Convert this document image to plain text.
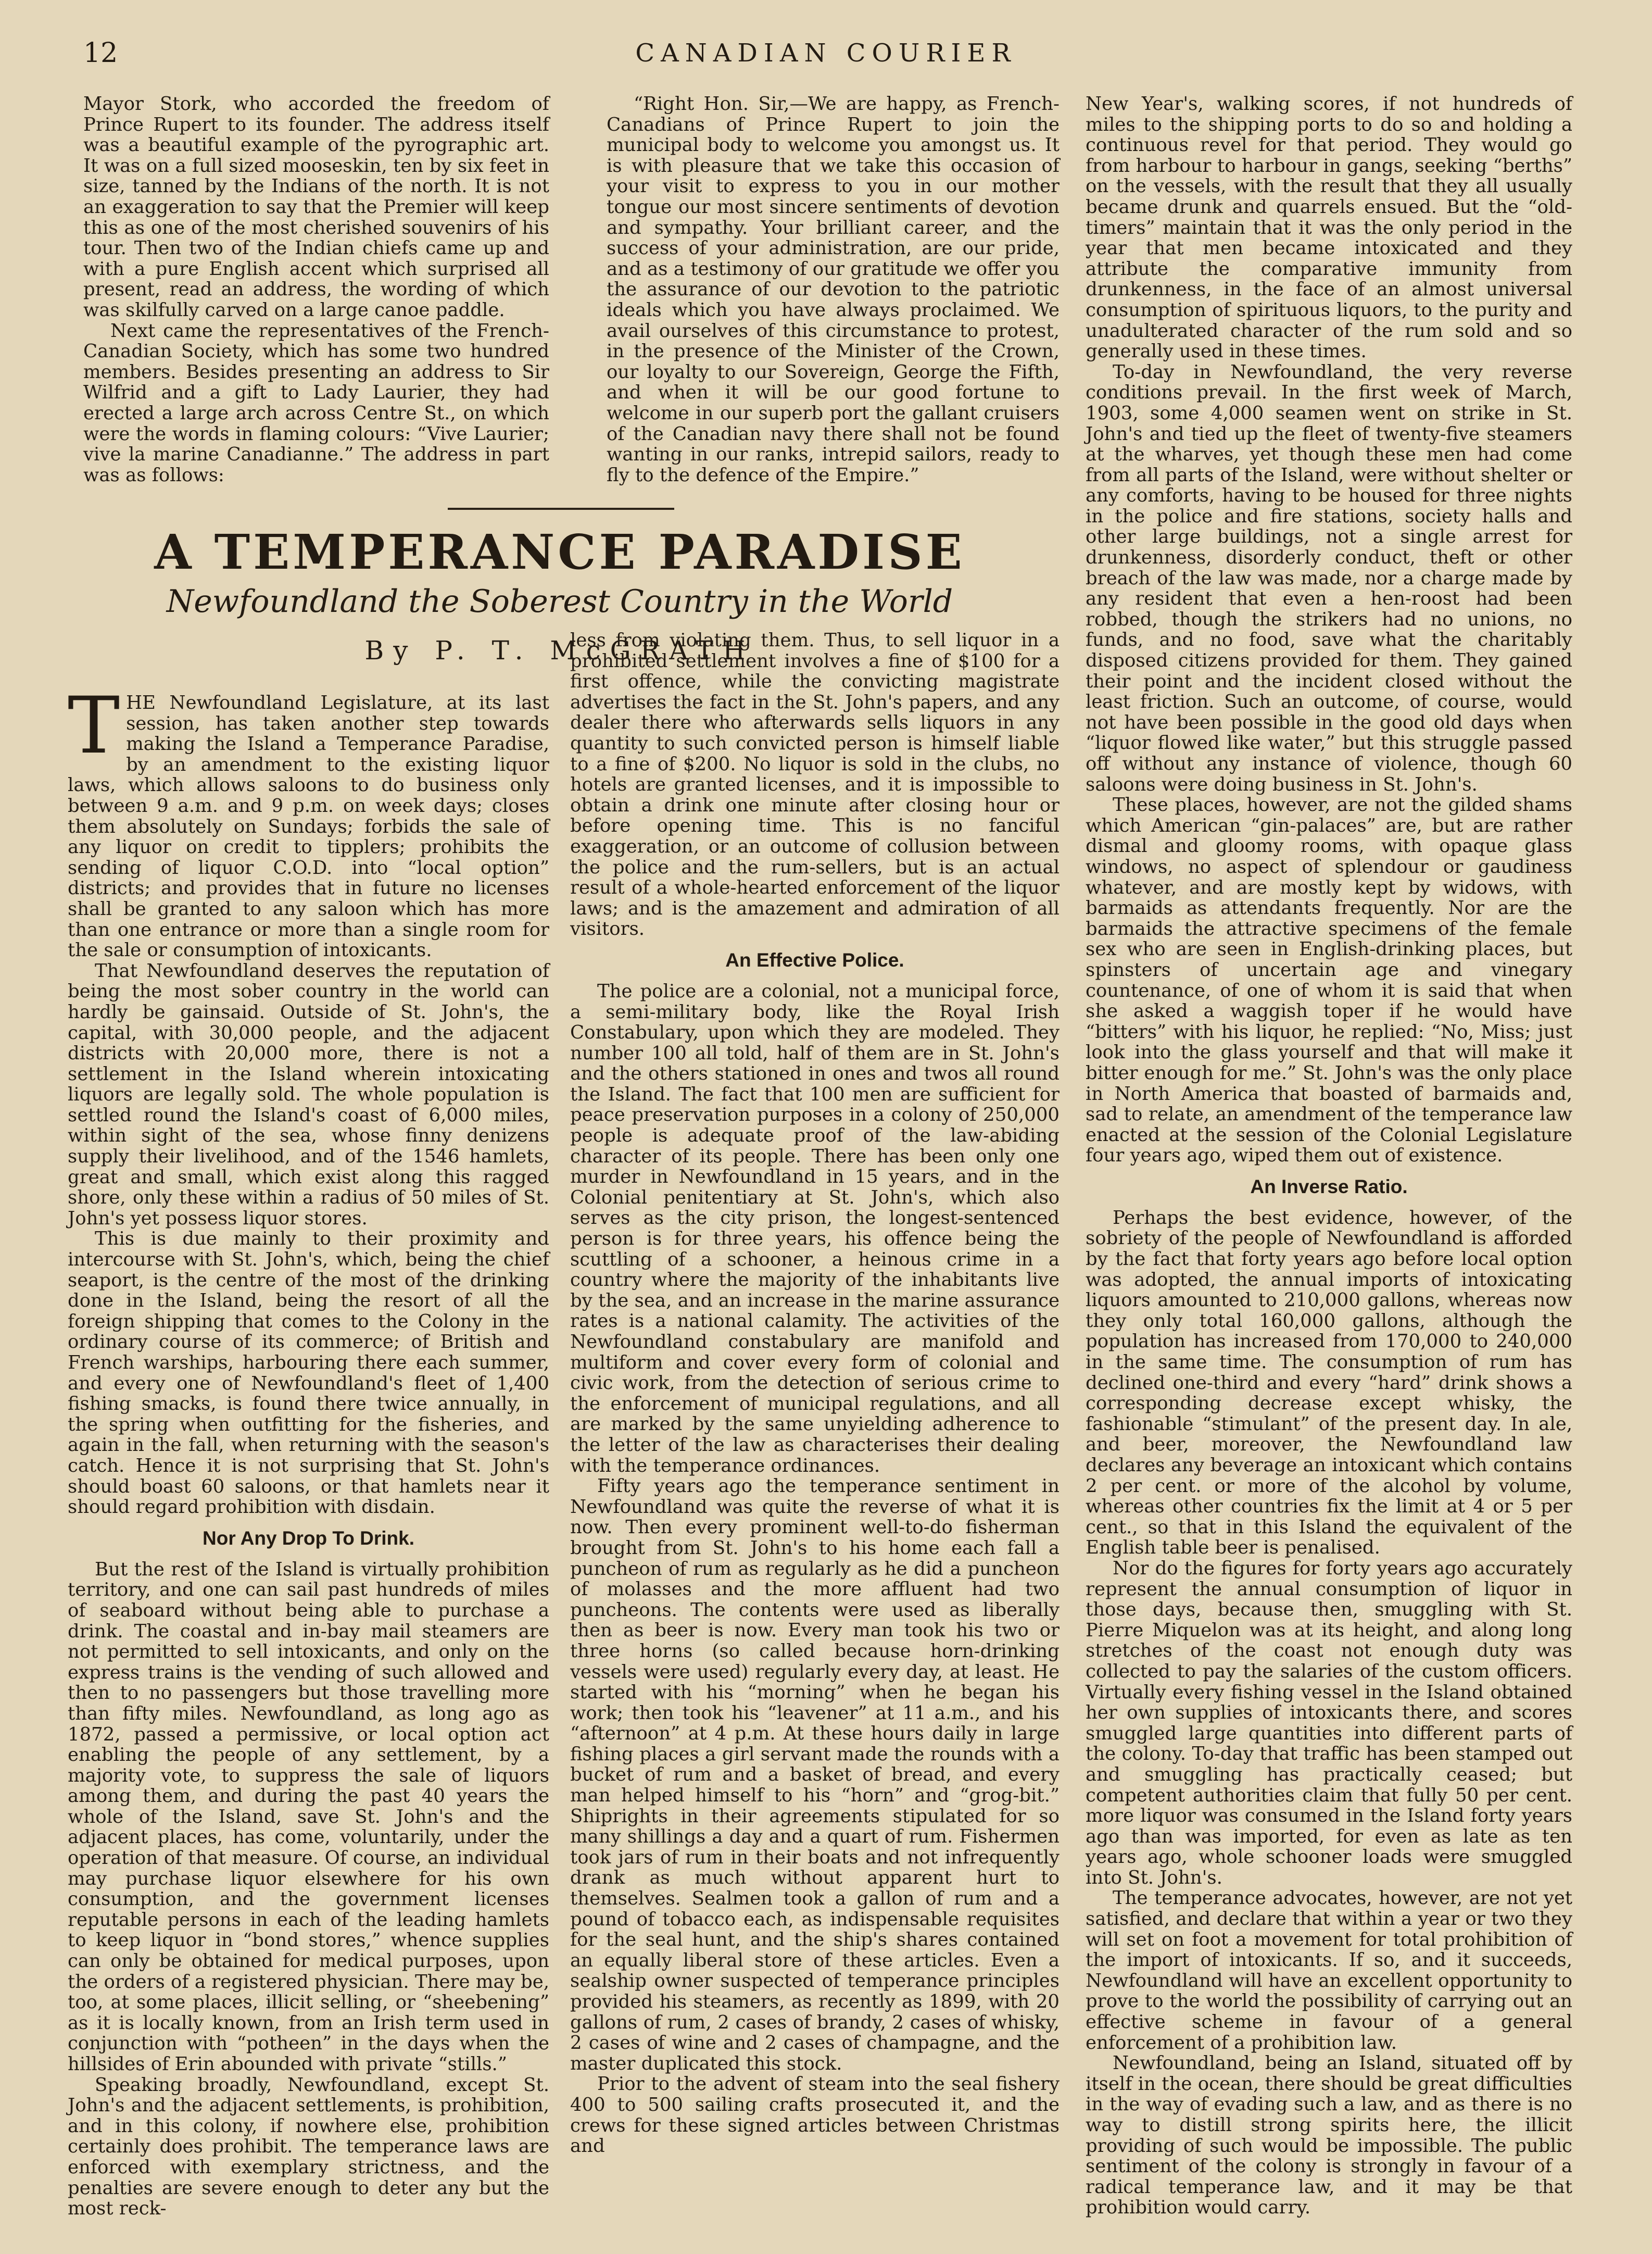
12	CANADIAN COURIER

Mayor Stork, who accorded the freedom of Prince Rupert to its founder. The address itself was a beautiful example of the pyrographic art. It was on a full sized mooseskin, ten by six feet in size, tanned by the Indians of the north. It is not an exaggeration to say that the Premier will keep this as one of the most cherished souvenirs of his tour. Then two of the Indian chiefs came up and with a pure English accent which surprised all present, read an address, the wording of which was skilfully carved on a large canoe paddle.

Next came the representatives of the French-Canadian Society, which has some two hundred members. Besides presenting an address to Sir Wilfrid and a gift to Lady Laurier, they had erected a large arch across Centre St., on which were the words in flaming colours: “Vive Laurier; vive la marine Canadianne.” The address in part was as follows:

“Right Hon. Sir,—We are happy, as French-Canadians of Prince Rupert to join the municipal body to welcome you amongst us. It is with pleasure that we take this occasion of your visit to express to you in our mother tongue our most sincere sentiments of devotion and sympathy. Your brilliant career, and the success of your administration, are our pride, and as a testimony of our gratitude we offer you the assurance of our devotion to the patriotic ideals which you have always proclaimed. We avail ourselves of this circumstance to protest, in the presence of the Minister of the Crown, our loyalty to our Sovereign, George the Fifth, and when it will be our good fortune to welcome in our superb port the gallant cruisers of the Canadian navy there shall not be found wanting in our ranks, intrepid sailors, ready to fly to the defence of the Empire.”

A TEMPERANCE PARADISE
Newfoundland the Soberest Country in the World
By P. T. McGRATH

THE Newfoundland Legislature, at its last session, has taken another step towards making the Island a Temperance Paradise, by an amendment to the existing liquor laws, which allows saloons to do business only between 9 a.m. and 9 p.m. on week days; closes them absolutely on Sundays; forbids the sale of any liquor on credit to tipplers; prohibits the sending of liquor C.O.D. into “local option” districts; and provides that in future no licenses shall be granted to any saloon which has more than one entrance or more than a single room for the sale or consumption of intoxicants.

That Newfoundland deserves the reputation of being the most sober country in the world can hardly be gainsaid. Outside of St. John's, the capital, with 30,000 people, and the adjacent districts with 20,000 more, there is not a settlement in the Island wherein intoxicating liquors are legally sold. The whole population is settled round the Island's coast of 6,000 miles, within sight of the sea, whose finny denizens supply their livelihood, and of the 1546 hamlets, great and small, which exist along this ragged shore, only these within a radius of 50 miles of St. John's yet possess liquor stores.

This is due mainly to their proximity and intercourse with St. John's, which, being the chief seaport, is the centre of the most of the drinking done in the Island, being the resort of all the foreign shipping that comes to the Colony in the ordinary course of its commerce; of British and French warships, harbouring there each summer, and every one of Newfoundland's fleet of 1,400 fishing smacks, is found there twice annually, in the spring when outfitting for the fisheries, and again in the fall, when returning with the season's catch. Hence it is not surprising that St. John's should boast 60 saloons, or that hamlets near it should regard prohibition with disdain.

Nor Any Drop To Drink.

But the rest of the Island is virtually prohibition territory, and one can sail past hundreds of miles of seaboard without being able to purchase a drink. The coastal and in-bay mail steamers are not permitted to sell intoxicants, and only on the express trains is the vending of such allowed and then to no passengers but those travelling more than fifty miles. Newfoundland, as long ago as 1872, passed a permissive, or local option act enabling the people of any settlement, by a majority vote, to suppress the sale of liquors among them, and during the past 40 years the whole of the Island, save St. John's and the adjacent places, has come, voluntarily, under the operation of that measure. Of course, an individual may purchase liquor elsewhere for his own consumption, and the government licenses reputable persons in each of the leading hamlets to keep liquor in “bond stores,” whence supplies can only be obtained for medical purposes, upon the orders of a registered physician. There may be, too, at some places, illicit selling, or “sheebening” as it is locally known, from an Irish term used in conjunction with “potheen” in the days when the hillsides of Erin abounded with private “stills.”

Speaking broadly, Newfoundland, except St. John's and the adjacent settlements, is prohibition, and in this colony, if nowhere else, prohibition certainly does prohibit. The temperance laws are enforced with exemplary strictness, and the penalties are severe enough to deter any but the most reck-

less from violating them. Thus, to sell liquor in a prohibited settlement involves a fine of $100 for a first offence, while the convicting magistrate advertises the fact in the St. John's papers, and any dealer there who afterwards sells liquors in any quantity to such convicted person is himself liable to a fine of $200. No liquor is sold in the clubs, no hotels are granted licenses, and it is impossible to obtain a drink one minute after closing hour or before opening time. This is no fanciful exaggeration, or an outcome of collusion between the police and the rum-sellers, but is an actual result of a whole-hearted enforcement of the liquor laws; and is the amazement and admiration of all visitors.

An Effective Police.

The police are a colonial, not a municipal force, a semi-military body, like the Royal Irish Constabulary, upon which they are modeled. They number 100 all told, half of them are in St. John's and the others stationed in ones and twos all round the Island. The fact that 100 men are sufficient for peace preservation purposes in a colony of 250,000 people is adequate proof of the law-abiding character of its people. There has been only one murder in Newfoundland in 15 years, and in the Colonial penitentiary at St. John's, which also serves as the city prison, the longest-sentenced person is for three years, his offence being the scuttling of a schooner, a heinous crime in a country where the majority of the inhabitants live by the sea, and an increase in the marine assurance rates is a national calamity. The activities of the Newfoundland constabulary are manifold and multiform and cover every form of colonial and civic work, from the detection of serious crime to the enforcement of municipal regulations, and all are marked by the same unyielding adherence to the letter of the law as characterises their dealing with the temperance ordinances.

Fifty years ago the temperance sentiment in Newfoundland was quite the reverse of what it is now. Then every prominent well-to-do fisherman brought from St. John's to his home each fall a puncheon of rum as regularly as he did a puncheon of molasses and the more affluent had two puncheons. The contents were used as liberally then as beer is now. Every man took his two or three horns (so called because horn-drinking vessels were used) regularly every day, at least. He started with his “morning” when he began his work; then took his “leavener” at 11 a.m., and his “afternoon” at 4 p.m. At these hours daily in large fishing places a girl servant made the rounds with a bucket of rum and a basket of bread, and every man helped himself to his “horn” and “grog-bit.” Shiprights in their agreements stipulated for so many shillings a day and a quart of rum. Fishermen took jars of rum in their boats and not infrequently drank as much without apparent hurt to themselves. Sealmen took a gallon of rum and a pound of tobacco each, as indispensable requisites for the seal hunt, and the ship's shares contained an equally liberal store of these articles. Even a sealship owner suspected of temperance principles provided his steamers, as recently as 1899, with 20 gallons of rum, 2 cases of brandy, 2 cases of whisky, 2 cases of wine and 2 cases of champagne, and the master duplicated this stock.

Prior to the advent of steam into the seal fishery 400 to 500 sailing crafts prosecuted it, and the crews for these signed articles between Christmas and

New Year's, walking scores, if not hundreds of miles to the shipping ports to do so and holding a continuous revel for that period. They would go from harbour to harbour in gangs, seeking “berths” on the vessels, with the result that they all usually became drunk and quarrels ensued. But the “old-timers” maintain that it was the only period in the year that men became intoxicated and they attribute the comparative immunity from drunkenness, in the face of an almost universal consumption of spirituous liquors, to the purity and unadulterated character of the rum sold and so generally used in these times.

To-day in Newfoundland, the very reverse conditions prevail. In the first week of March, 1903, some 4,000 seamen went on strike in St. John's and tied up the fleet of twenty-five steamers at the wharves, yet though these men had come from all parts of the Island, were without shelter or any comforts, having to be housed for three nights in the police and fire stations, society halls and other large buildings, not a single arrest for drunkenness, disorderly conduct, theft or other breach of the law was made, nor a charge made by any resident that even a hen-roost had been robbed, though the strikers had no unions, no funds, and no food, save what the charitably disposed citizens provided for them. They gained their point and the incident closed without the least friction. Such an outcome, of course, would not have been possible in the good old days when “liquor flowed like water,” but this struggle passed off without any instance of violence, though 60 saloons were doing business in St. John's.

These places, however, are not the gilded shams which American “gin-palaces” are, but are rather dismal and gloomy rooms, with opaque glass windows, no aspect of splendour or gaudiness whatever, and are mostly kept by widows, with barmaids as attendants frequently. Nor are the barmaids the attractive specimens of the female sex who are seen in English-drinking places, but spinsters of uncertain age and vinegary countenance, of one of whom it is said that when she asked a waggish toper if he would have “bitters” with his liquor, he replied: “No, Miss; just look into the glass yourself and that will make it bitter enough for me.” St. John's was the only place in North America that boasted of barmaids and, sad to relate, an amendment of the temperance law enacted at the session of the Colonial Legislature four years ago, wiped them out of existence.

An Inverse Ratio.

Perhaps the best evidence, however, of the sobriety of the people of Newfoundland is afforded by the fact that forty years ago before local option was adopted, the annual imports of intoxicating liquors amounted to 210,000 gallons, whereas now they only total 160,000 gallons, although the population has increased from 170,000 to 240,000 in the same time. The consumption of rum has declined one-third and every “hard” drink shows a corresponding decrease except whisky, the fashionable “stimulant” of the present day. In ale, and beer, moreover, the Newfoundland law declares any beverage an intoxicant which contains 2 per cent. or more of the alcohol by volume, whereas other countries fix the limit at 4 or 5 per cent., so that in this Island the equivalent of the English table beer is penalised.

Nor do the figures for forty years ago accurately represent the annual consumption of liquor in those days, because then, smuggling with St. Pierre Miquelon was at its height, and along long stretches of the coast not enough duty was collected to pay the salaries of the custom officers. Virtually every fishing vessel in the Island obtained her own supplies of intoxicants there, and scores smuggled large quantities into different parts of the colony. To-day that traffic has been stamped out and smuggling has practically ceased; but competent authorities claim that fully 50 per cent. more liquor was consumed in the Island forty years ago than was imported, for even as late as ten years ago, whole schooner loads were smuggled into St. John's.

The temperance advocates, however, are not yet satisfied, and declare that within a year or two they will set on foot a movement for total prohibition of the import of intoxicants. If so, and it succeeds, Newfoundland will have an excellent opportunity to prove to the world the possibility of carrying out an effective scheme in favour of a general enforcement of a prohibition law.

Newfoundland, being an Island, situated off by itself in the ocean, there should be great difficulties in the way of evading such a law, and as there is no way to distill strong spirits here, the illicit providing of such would be impossible. The public sentiment of the colony is strongly in favour of a radical temperance law, and it may be that prohibition would carry.
